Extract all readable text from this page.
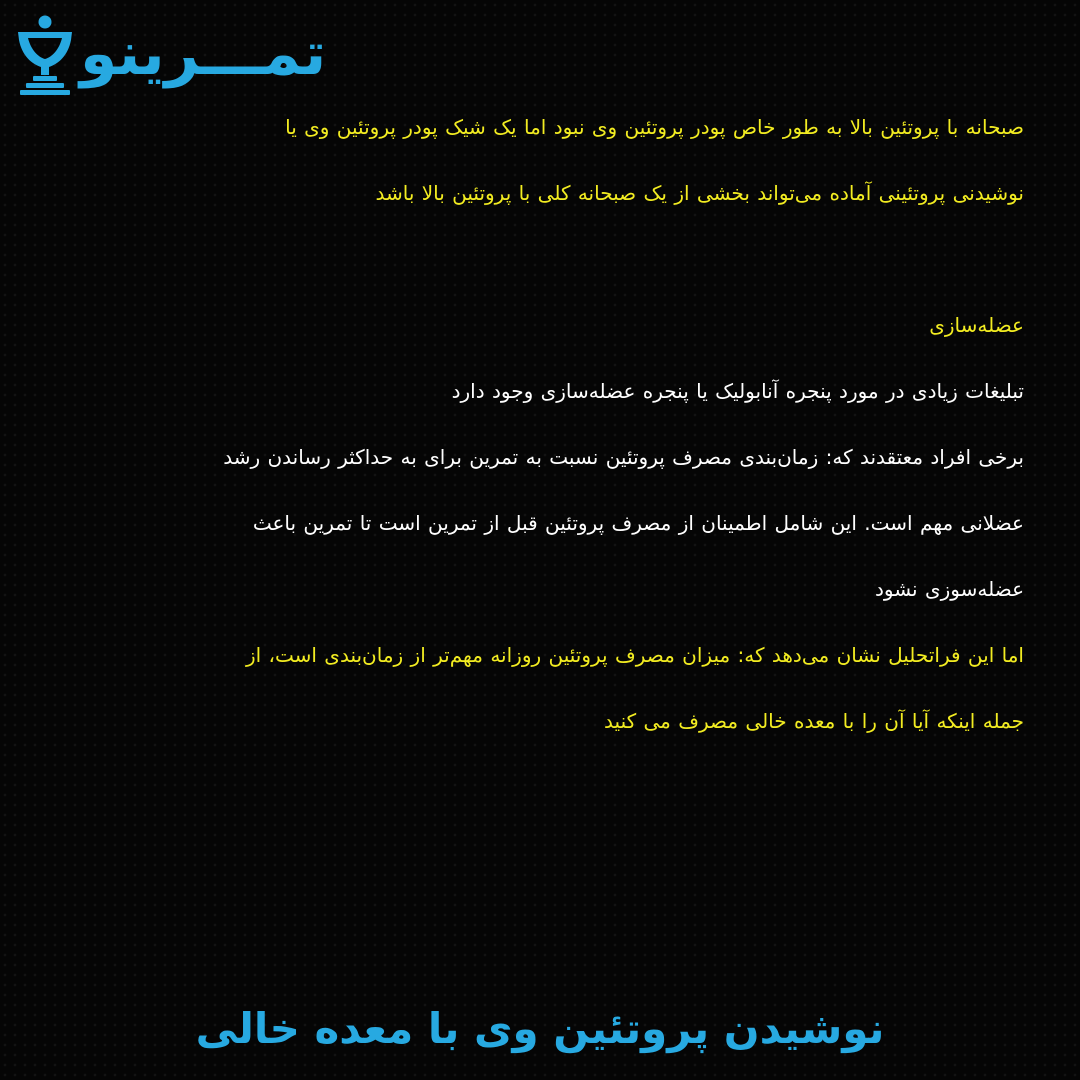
تمـــرینو

صبحانه با پروتئین بالا به طور خاص پودر پروتئین وی نبود اما یک شیک پودر پروتئین وی یا

نوشیدنی پروتئینی آماده می‌تواند بخشی از یک صبحانه کلی با پروتئین بالا باشد

عضله‌سازی

تبلیغات زیادی در مورد پنجره آنابولیک یا پنجره عضله‌سازی وجود دارد

برخی افراد معتقدند که: زمان‌بندی مصرف پروتئین نسبت به تمرین برای به حداکثر رساندن رشد

عضلانی مهم است. این شامل اطمینان از مصرف پروتئین قبل از تمرین است تا تمرین باعث

عضله‌سوزی نشود

اما این فراتحلیل نشان می‌دهد که: میزان مصرف پروتئین روزانه مهم‌تر از زمان‌بندی است، از

جمله اینکه آیا آن را با معده خالی مصرف می کنید

نوشیدن پروتئین وی با معده خالی
